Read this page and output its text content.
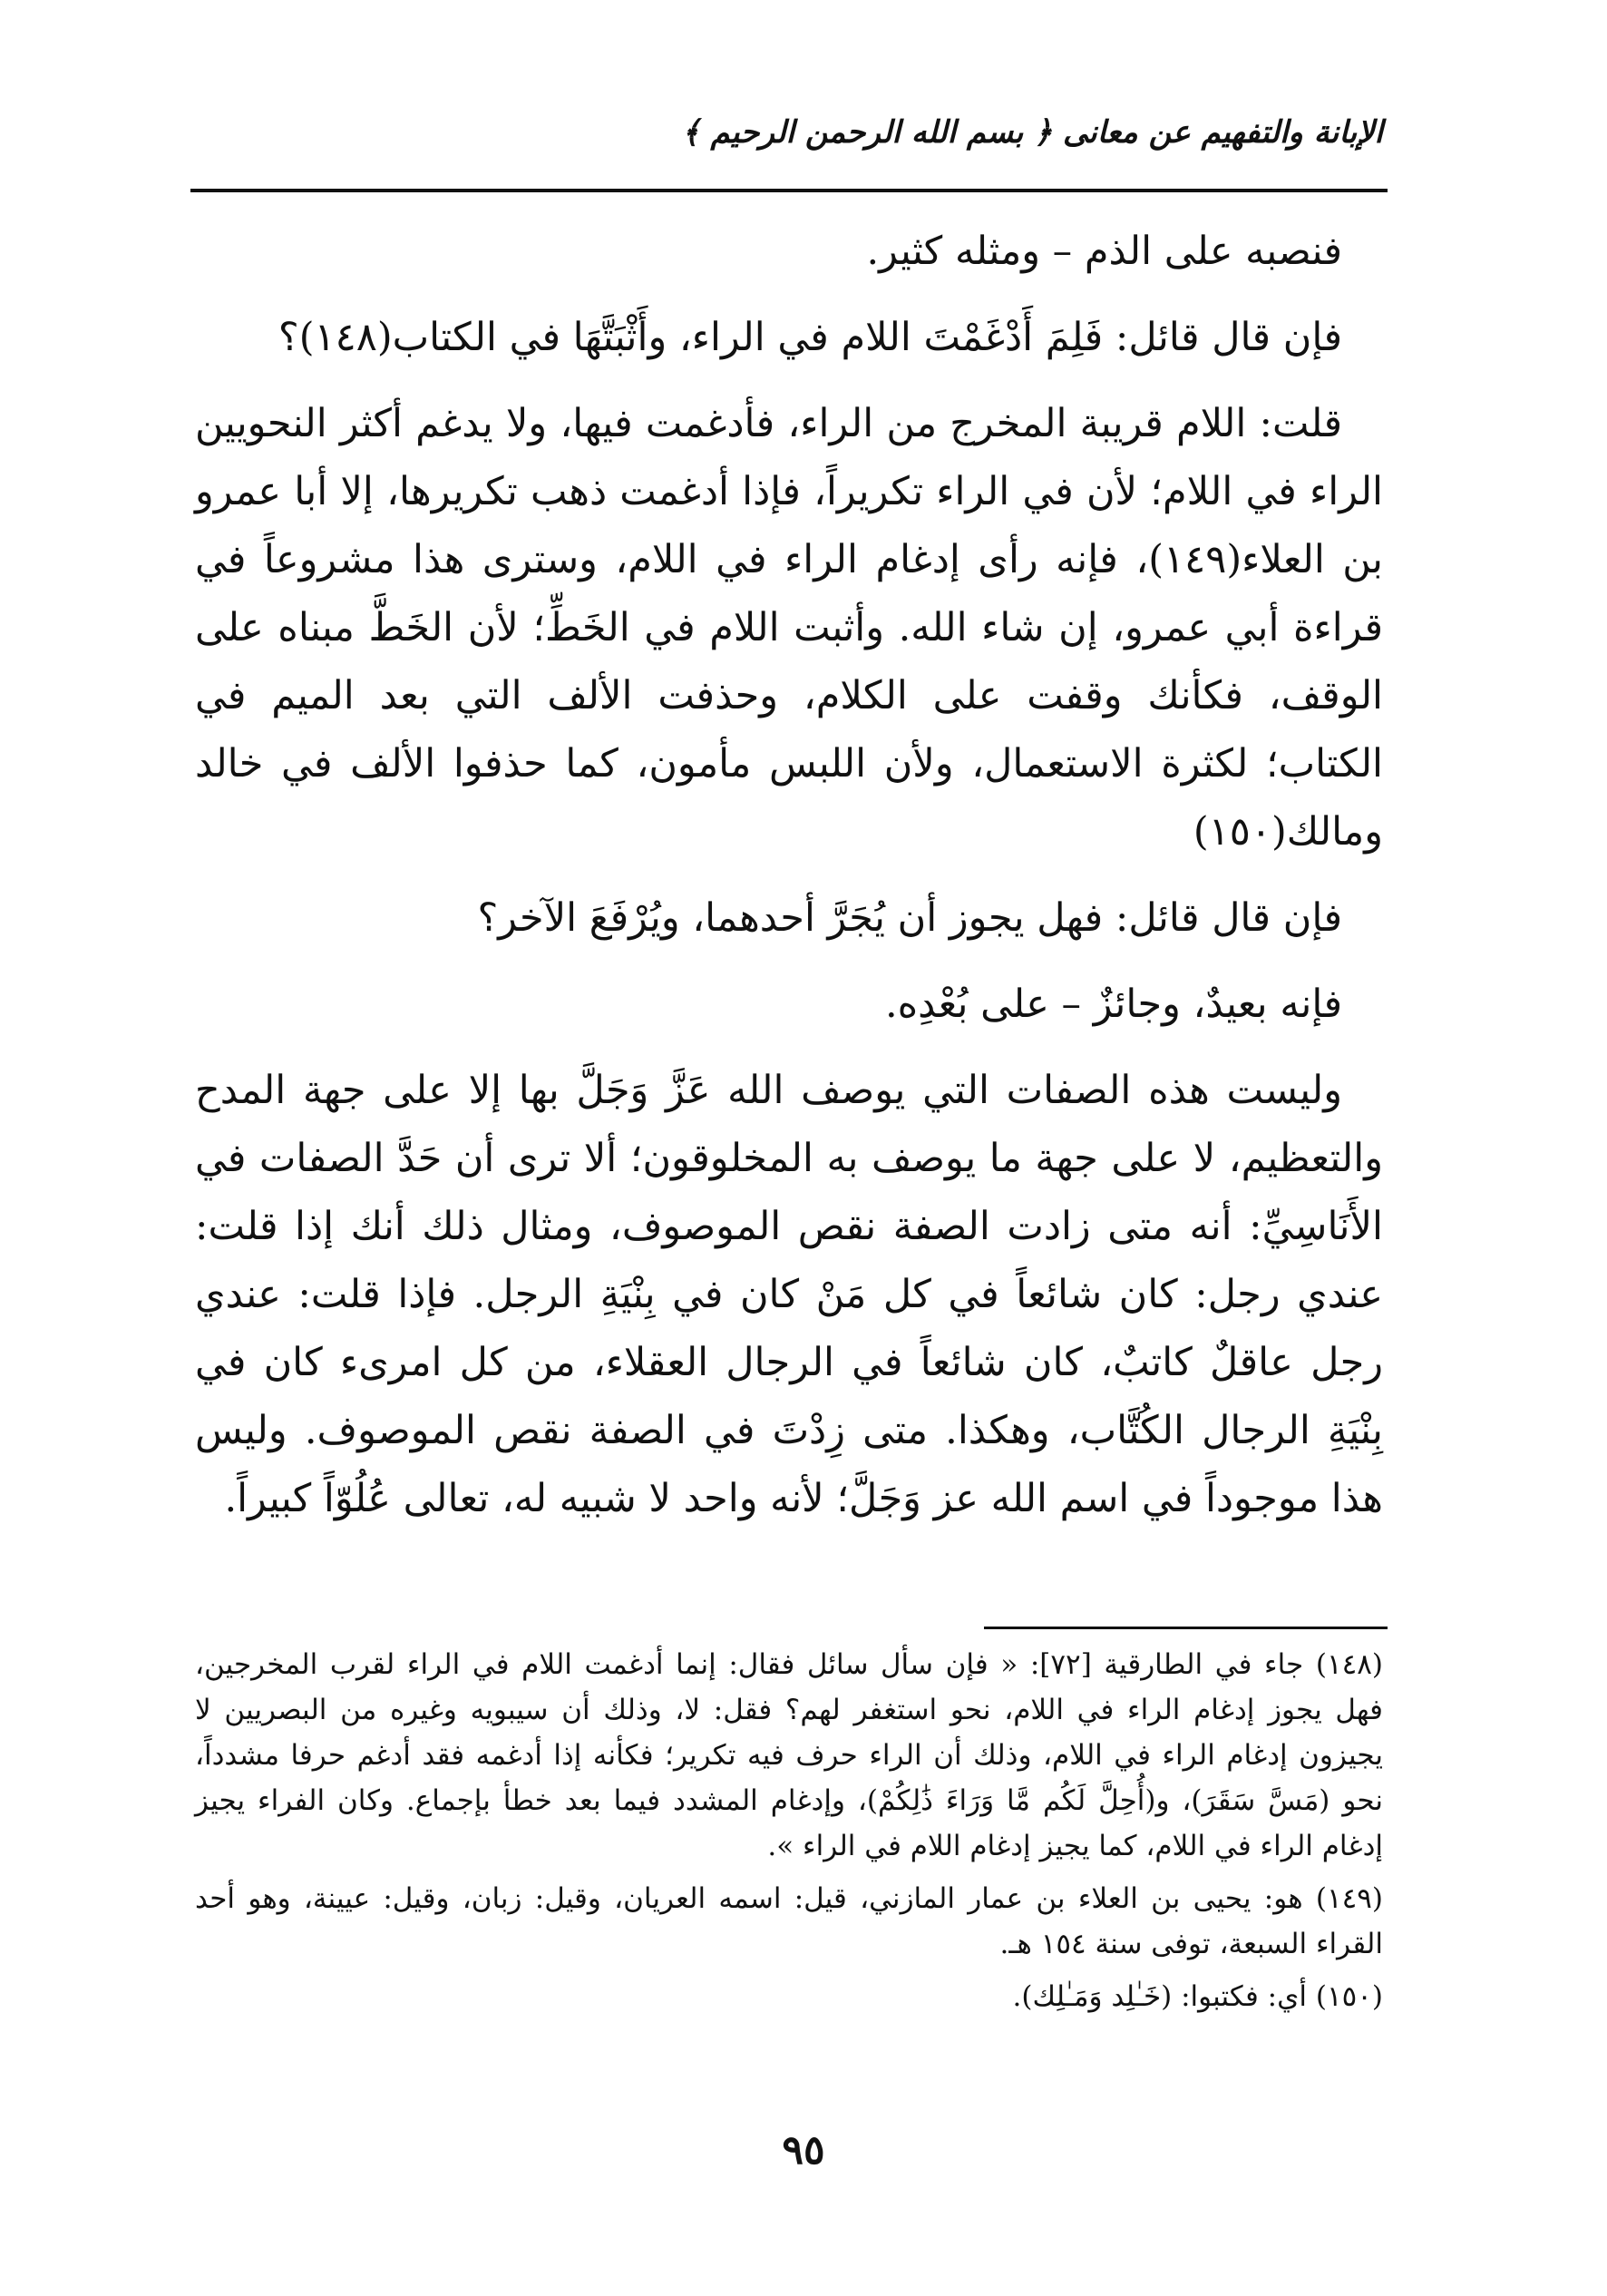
الإبانة والتفهيم عن معانى ﴿ بسم الله الرحمن الرحيم ﴾

فنصبه على الذم – ومثله كثير.

فإن قال قائل: فَلِمَ أَدْغَمْتَ اللام في الراء، وأَثْبَتَّهَا في الكتاب(١٤٨)؟

قلت: اللام قريبة المخرج من الراء، فأدغمت فيها، ولا يدغم أكثر النحويين الراء في اللام؛ لأن في الراء تكريراً، فإذا أدغمت ذهب تكريرها، إلا أبا عمرو بن العلاء(١٤٩)، فإنه رأى إدغام الراء في اللام، وسترى هذا مشروعاً في قراءة أبي عمرو، إن شاء الله. وأثبت اللام في الخَطِّ؛ لأن الخَطَّ مبناه على الوقف، فكأنك وقفت على الكلام، وحذفت الألف التي بعد الميم في الكتاب؛ لكثرة الاستعمال، ولأن اللبس مأمون، كما حذفوا الألف في خالد ومالك(١٥٠)

فإن قال قائل: فهل يجوز أن يُجَرَّ أحدهما، ويُرْفَعَ الآخر؟

فإنه بعيدٌ، وجائزٌ – على بُعْدِه.

وليست هذه الصفات التي يوصف الله عَزَّ وَجَلَّ بها إلا على جهة المدح والتعظيم، لا على جهة ما يوصف به المخلوقون؛ ألا ترى أن حَدَّ الصفات في الأَنَاسِيِّ: أنه متى زادت الصفة نقص الموصوف، ومثال ذلك أنك إذا قلت: عندي رجل: كان شائعاً في كل مَنْ كان في بِنْيَةِ الرجل. فإذا قلت: عندي رجل عاقلٌ كاتبٌ، كان شائعاً في الرجال العقلاء، من كل امرىء كان في بِنْيَةِ الرجال الكُتَّاب، وهكذا. متى زِدْتَ في الصفة نقص الموصوف. وليس هذا موجوداً في اسم الله عز وَجَلَّ؛ لأنه واحد لا شبيه له، تعالى عُلُوّاً كبيراً.

(١٤٨) جاء في الطارقية [٧٢]: « فإن سأل سائل فقال: إنما أدغمت اللام في الراء لقرب المخرجين، فهل يجوز إدغام الراء في اللام، نحو استغفر لهم؟ فقل: لا، وذلك أن سيبويه وغيره من البصريين لا يجيزون إدغام الراء في اللام، وذلك أن الراء حرف فيه تكرير؛ فكأنه إذا أدغمه فقد أدغم حرفا مشدداً، نحو (مَسَّ سَقَرَ)، و(أُحِلَّ لَكُم مَّا وَرَاءَ ذَٰلِكُمْ)، وإدغام المشدد فيما بعد خطأ بإجماع. وكان الفراء يجيز إدغام الراء في اللام، كما يجيز إدغام اللام في الراء ».

(١٤٩) هو: يحيى بن العلاء بن عمار المازني، قيل: اسمه العريان، وقيل: زبان، وقيل: عيينة، وهو أحد القراء السبعة، توفى سنة ١٥٤ هـ.

(١٥٠) أي: فكتبوا: (خَـٰلِد وَمَـٰلِك).

٩٥
